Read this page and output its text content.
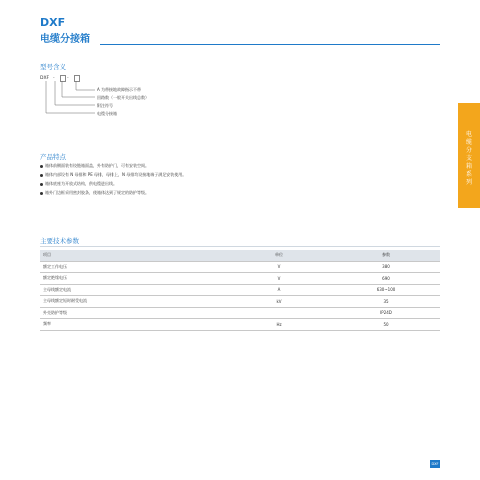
DXF
电缆分接箱
型号含义
DXF -	-
A 为带接地故障指示不带
回路数（一般开关出线总数）
附注符号
电缆分接箱
产品特点
箱体前侧面装有铰链箱面盖，外有防护门，可有安装空间。
箱体内部设有 N 母排和 PE 母排，母排上，N 母排均设接地端子满足安装使用。
箱体底座为开放式结构，供电缆进出线。
箱外门边框采用密封胶条，使箱体达到了规定的防护等级。
主要技术参数
项目	单位	参数
额定工作电压	V	380
额定绝缘电压	V	690
主母线额定电流	A	630~100
主母线额定短时耐受电流	kV	35
外壳防护等级		IP24D
频率	Hz	50
电缆分支箱系列
DXF
